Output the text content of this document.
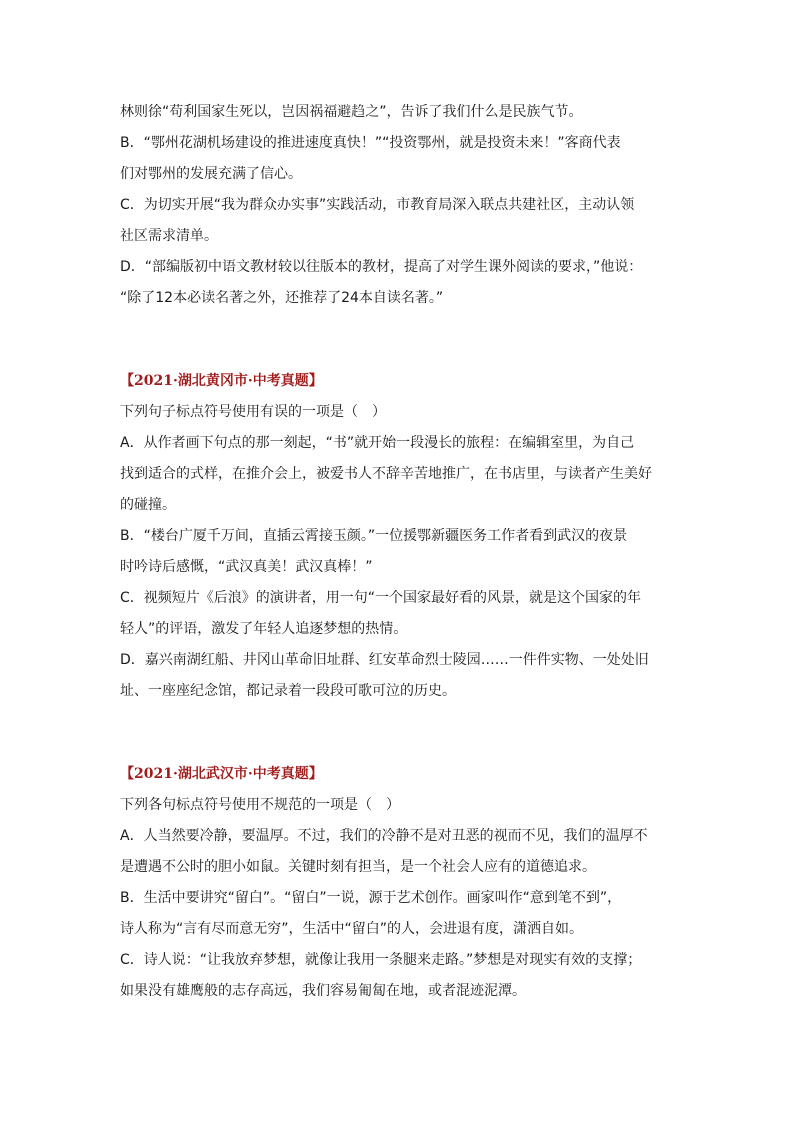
林则徐“苟利国家生死以，岂因祸福避趋之”，告诉了我们什么是民族气节。
B．“鄂州花湖机场建设的推进速度真快！”“投资鄂州，就是投资未来！”客商代表
们对鄂州的发展充满了信心。
C．为切实开展“我为群众办实事”实践活动，市教育局深入联点共建社区，主动认领
社区需求清单。
D．“部编版初中语文教材较以往版本的教材，提高了对学生课外阅读的要求，”他说：
“除了12本必读名著之外，还推荐了24本自读名著。”
【2021·湖北黄冈市·中考真题】
下列句子标点符号使用有误的一项是（　）
A．从作者画下句点的那一刻起，“书”就开始一段漫长的旅程：在编辑室里，为自己
找到适合的式样，在推介会上，被爱书人不辞辛苦地推广，在书店里，与读者产生美好
的碰撞。
B．“楼台广厦千万间，直插云霄接玉颜。”一位援鄂新疆医务工作者看到武汉的夜景
时吟诗后感慨，“武汉真美！武汉真棒！”
C．视频短片《后浪》的演讲者，用一句“一个国家最好看的风景，就是这个国家的年
轻人”的评语，激发了年轻人追逐梦想的热情。
D．嘉兴南湖红船、井冈山革命旧址群、红安革命烈士陵园……一件件实物、一处处旧
址、一座座纪念馆，都记录着一段段可歌可泣的历史。
【2021·湖北武汉市·中考真题】
下列各句标点符号使用不规范的一项是（　）
A．人当然要冷静，要温厚。不过，我们的冷静不是对丑恶的视而不见，我们的温厚不
是遭遇不公时的胆小如鼠。关键时刻有担当，是一个社会人应有的道德追求。
B．生活中要讲究“留白”。“留白”一说，源于艺术创作。画家叫作“意到笔不到”，
诗人称为“言有尽而意无穷”，生活中“留白”的人，会进退有度，潇洒自如。
C．诗人说：“让我放弃梦想，就像让我用一条腿来走路。”梦想是对现实有效的支撑；
如果没有雄鹰般的志存高远，我们容易匍匐在地，或者混迹泥潭。
